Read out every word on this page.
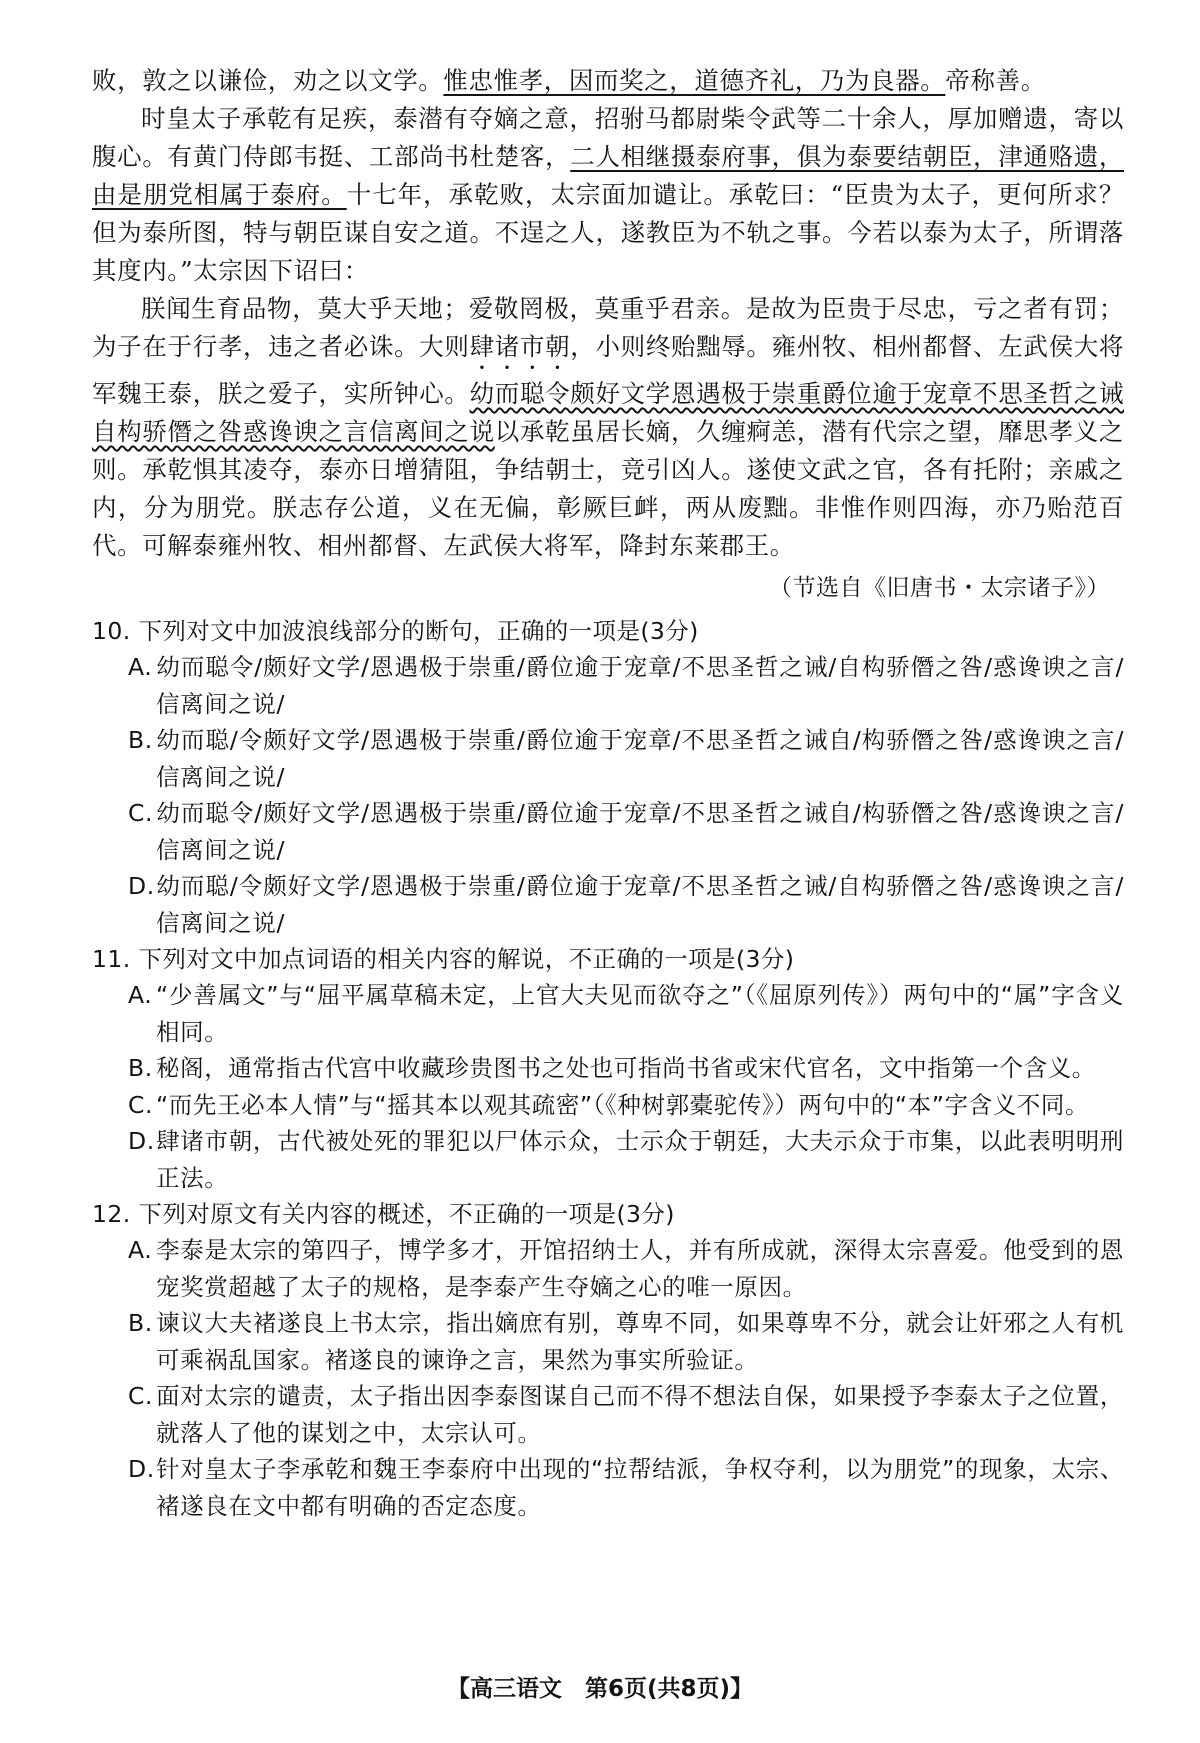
败，敦之以谦俭，劝之以文学。惟忠惟孝，因而奖之，道德齐礼，乃为良器。帝称善。

时皇太子承乾有足疾，泰潜有夺嫡之意，招驸马都尉柴令武等二十余人，厚加赠遗，寄以腹心。有黄门侍郎韦挺、工部尚书杜楚客，二人相继摄泰府事，俱为泰要结朝臣，津通赂遗，由是朋党相属于泰府。十七年，承乾败，太宗面加谴让。承乾曰：“臣贵为太子，更何所求？但为泰所图，特与朝臣谋自安之道。不逞之人，遂教臣为不轨之事。今若以泰为太子，所谓落其度内。”太宗因下诏曰：

朕闻生育品物，莫大乎天地；爱敬罔极，莫重乎君亲。是故为臣贵于尽忠，亏之者有罚；为子在于行孝，违之者必诛。大则肆诸市朝，小则终贻黜辱。雍州牧、相州都督、左武侯大将军魏王泰，朕之爱子，实所钟心。幼而聪令颇好文学恩遇极于崇重爵位逾于宠章不思圣哲之诫自构骄僭之咎惑谗谀之言信离间之说以承乾虽居长嫡，久缠痾恙，潜有代宗之望，靡思孝义之则。承乾惧其凌夺，泰亦日增猜阻，争结朝士，竞引凶人。遂使文武之官，各有托附；亲戚之内，分为朋党。朕志存公道，义在无偏，彰厥巨衅，两从废黜。非惟作则四海，亦乃贻范百代。可解泰雍州牧、相州都督、左武侯大将军，降封东莱郡王。

（节选自《旧唐书・太宗诸子》）

10. 下列对文中加波浪线部分的断句，正确的一项是(3分)

A. 幼而聪令/颇好文学/恩遇极于崇重/爵位逾于宠章/不思圣哲之诫/自构骄僭之咎/惑谗谀之言/信离间之说/

B. 幼而聪/令颇好文学/恩遇极于崇重/爵位逾于宠章/不思圣哲之诫自/构骄僭之咎/惑谗谀之言/信离间之说/

C. 幼而聪令/颇好文学/恩遇极于崇重/爵位逾于宠章/不思圣哲之诫自/构骄僭之咎/惑谗谀之言/信离间之说/

D.幼而聪/令颇好文学/恩遇极于崇重/爵位逾于宠章/不思圣哲之诫/自构骄僭之咎/惑谗谀之言/信离间之说/

11. 下列对文中加点词语的相关内容的解说，不正确的一项是(3分)

A. “少善属文”与“屈平属草稿未定，上官大夫见而欲夺之”（《屈原列传》）两句中的“属”字含义相同。

B. 秘阁，通常指古代宫中收藏珍贵图书之处也可指尚书省或宋代官名，文中指第一个含义。

C. “而先王必本人情”与“摇其本以观其疏密”（《种树郭橐驼传》）两句中的“本”字含义不同。

D.肆诸市朝，古代被处死的罪犯以尸体示众，士示众于朝廷，大夫示众于市集，以此表明明刑正法。

12. 下列对原文有关内容的概述，不正确的一项是(3分)

A. 李泰是太宗的第四子，博学多才，开馆招纳士人，并有所成就，深得太宗喜爱。他受到的恩宠奖赏超越了太子的规格，是李泰产生夺嫡之心的唯一原因。

B. 谏议大夫褚遂良上书太宗，指出嫡庶有别，尊卑不同，如果尊卑不分，就会让奸邪之人有机可乘祸乱国家。褚遂良的谏诤之言，果然为事实所验证。

C. 面对太宗的谴责，太子指出因李泰图谋自己而不得不想法自保，如果授予李泰太子之位置，就落人了他的谋划之中，太宗认可。

D.针对皇太子李承乾和魏王李泰府中出现的“拉帮结派，争权夺利，以为朋党”的现象，太宗、褚遂良在文中都有明确的否定态度。

【高三语文　第6页(共8页)】
